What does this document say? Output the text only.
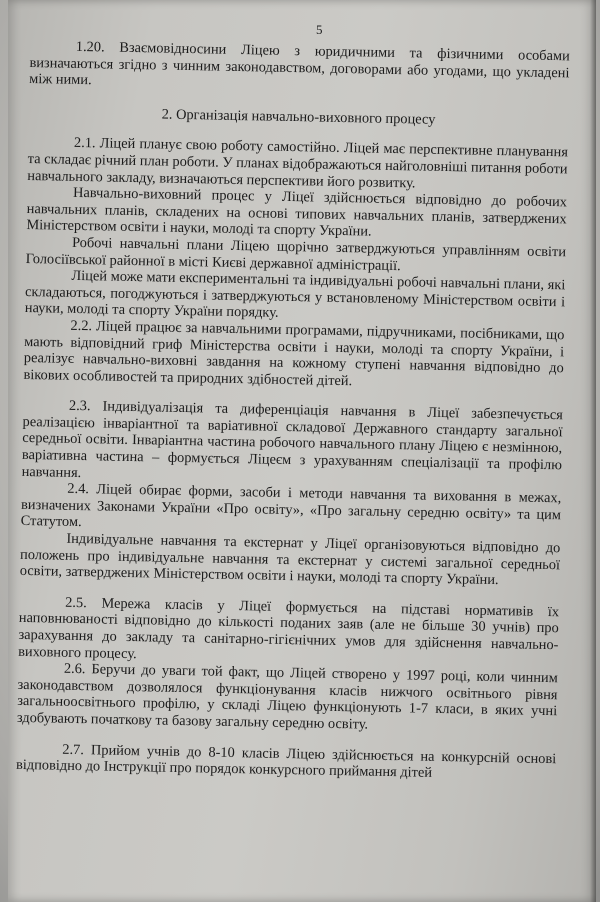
5

1.20. Взаємовідносини Ліцею з юридичними та фізичними особами визначаються згідно з чинним законодавством, договорами або угодами, що укладені між ними.

2. Організація навчально-виховного процесу

2.1. Ліцей планує свою роботу самостійно. Ліцей має перспективне планування та складає річний план роботи. У планах відображаються найголовніші питання роботи навчального закладу, визначаються перспективи його розвитку.

Навчально-виховний процес у Ліцеї здійснюється відповідно до робочих навчальних планів, складених на основі типових навчальних планів, затверджених Міністерством освіти і науки, молоді та спорту України.

Робочі навчальні плани Ліцею щорічно затверджуються управлінням освіти Голосіївської районної в місті Києві державної адміністрації.

Ліцей може мати експериментальні та індивідуальні робочі навчальні плани, які складаються, погоджуються і затверджуються у встановленому Міністерством освіти і науки, молоді та спорту України порядку.

2.2. Ліцей працює за навчальними програмами, підручниками, посібниками, що мають відповідний гриф Міністерства освіти і науки, молоді та спорту України, і реалізує навчально-виховні завдання на кожному ступені навчання відповідно до вікових особливостей та природних здібностей дітей.

2.3. Індивідуалізація та диференціація навчання в Ліцеї забезпечується реалізацією інваріантної та варіативної складової Державного стандарту загальної середньої освіти. Інваріантна частина робочого навчального плану Ліцею є незмінною, варіативна частина – формується Ліцеєм з урахуванням спеціалізації та профілю навчання.

2.4. Ліцей обирає форми, засоби і методи навчання та виховання в межах, визначених Законами України «Про освіту», «Про загальну середню освіту» та цим Статутом.

Індивідуальне навчання та екстернат у Ліцеї організовуються відповідно до положень про індивідуальне навчання та екстернат у системі загальної середньої освіти, затверджених Міністерством освіти і науки, молоді та спорту України.

2.5. Мережа класів у Ліцеї формується на підставі нормативів їх наповнюваності відповідно до кількості поданих заяв (але не більше 30 учнів) про зарахування до закладу та санітарно-гігієнічних умов для здійснення навчально-виховного процесу.

2.6. Беручи до уваги той факт, що Ліцей створено у 1997 році, коли чинним законодавством дозволялося функціонування класів нижчого освітнього рівня загальноосвітнього профілю, у складі Ліцею функціонують 1-7 класи, в яких учні здобувають початкову та базову загальну середню освіту.

2.7. Прийом учнів до 8-10 класів Ліцею здійснюється на конкурсній основі відповідно до Інструкції про порядок конкурсного приймання дітей
